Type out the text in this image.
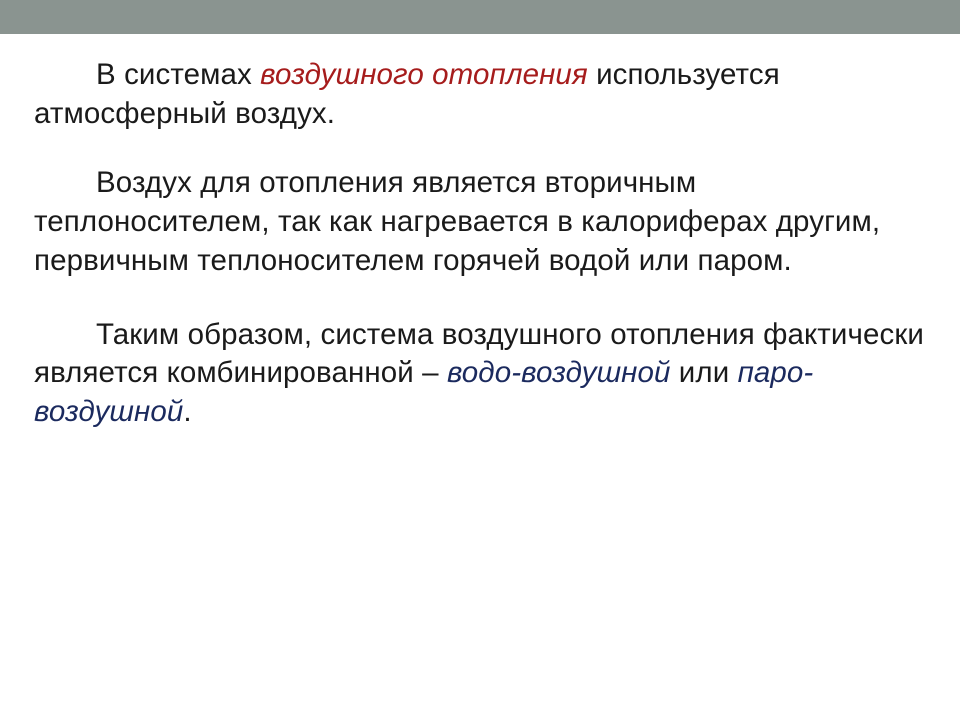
В системах воздушного отопления используется атмосферный воздух.

Воздух для отопления является вторичным теплоносителем, так как нагревается в калориферах другим, первичным теплоносителем горячей водой или паром.

Таким образом, система воздушного отопления фактически является комбинированной – водо-воздушной или паро-воздушной.
